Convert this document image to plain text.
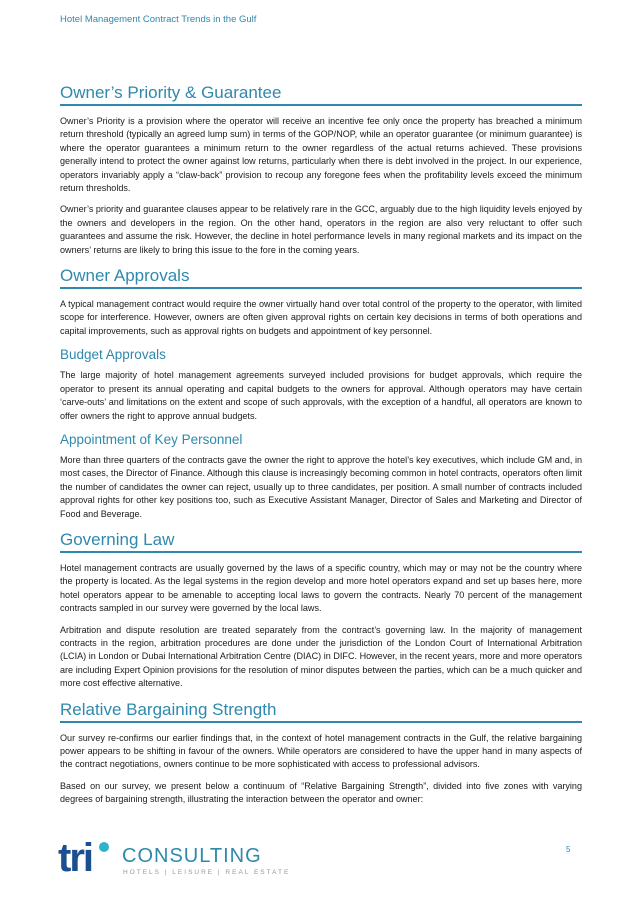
Hotel Management Contract Trends in the Gulf
Owner’s Priority & Guarantee

Owner’s Priority is a provision where the operator will receive an incentive fee only once the property has breached a minimum return threshold (typically an agreed lump sum) in terms of the GOP/NOP, while an operator guarantee (or minimum guarantee) is where the operator guarantees a minimum return to the owner regardless of the actual returns achieved. These provisions generally intend to protect the owner against low returns, particularly when there is debt involved in the project. In our experience, operators invariably apply a “claw-back” provision to recoup any foregone fees when the profitability levels exceed the minimum return thresholds.

Owner’s priority and guarantee clauses appear to be relatively rare in the GCC, arguably due to the high liquidity levels enjoyed by the owners and developers in the region. On the other hand, operators in the region are also very reluctant to offer such guarantees and assume the risk. However, the decline in hotel performance levels in many regional markets and its impact on the owners’ returns are likely to bring this issue to the fore in the coming years.

Owner Approvals

A typical management contract would require the owner virtually hand over total control of the property to the operator, with limited scope for interference. However, owners are often given approval rights on certain key decisions in terms of both operations and capital improvements, such as approval rights on budgets and appointment of key personnel.

Budget Approvals

The large majority of hotel management agreements surveyed included provisions for budget approvals, which require the operator to present its annual operating and capital budgets to the owners for approval. Although operators may have certain ‘carve-outs’ and limitations on the extent and scope of such approvals, with the exception of a handful, all operators are known to offer owners the right to approve annual budgets.

Appointment of Key Personnel

More than three quarters of the contracts gave the owner the right to approve the hotel’s key executives, which include GM and, in most cases, the Director of Finance. Although this clause is increasingly becoming common in hotel contracts, operators often limit the number of candidates the owner can reject, usually up to three candidates, per position. A small number of contracts included approval rights for other key positions too, such as Executive Assistant Manager, Director of Sales and Marketing and Director of Food and Beverage.

Governing Law

Hotel management contracts are usually governed by the laws of a specific country, which may or may not be the country where the property is located. As the legal systems in the region develop and more hotel operators expand and set up bases here, more hotel operators appear to be amenable to accepting local laws to govern the contracts. Nearly 70 percent of the management contracts sampled in our survey were governed by the local laws.

Arbitration and dispute resolution are treated separately from the contract’s governing law. In the majority of management contracts in the region, arbitration procedures are done under the jurisdiction of the London Court of International Arbitration (LCIA) in London or Dubai International Arbitration Centre (DIAC) in DIFC. However, in the recent years, more and more operators are including Expert Opinion provisions for the resolution of minor disputes between the parties, which can be a much quicker and more cost effective alternative.

Relative Bargaining Strength

Our survey re-confirms our earlier findings that, in the context of hotel management contracts in the Gulf, the relative bargaining power appears to be shifting in favour of the owners. While operators are considered to have the upper hand in many aspects of the contract negotiations, owners continue to be more sophisticated with access to professional advisors.

Based on our survey, we present below a continuum of “Relative Bargaining Strength”, divided into five zones with varying degrees of bargaining strength, illustrating the interaction between the operator and owner:

5
tri CONSULTING
HOTELS | LEISURE | REAL ESTATE
